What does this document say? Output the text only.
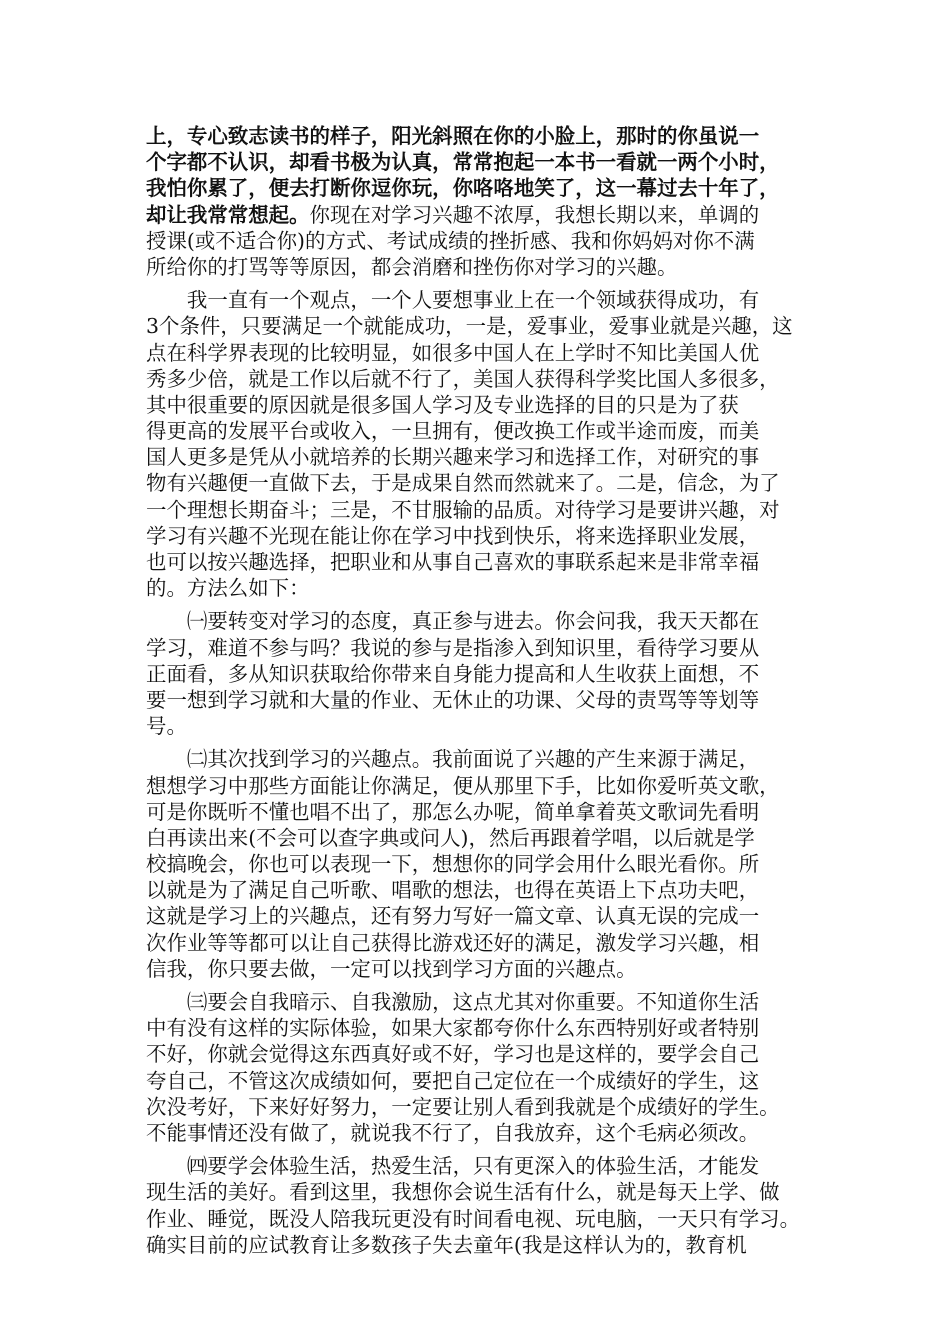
上，专心致志读书的样子，阳光斜照在你的小脸上，那时的你虽说一
个字都不认识，却看书极为认真，常常抱起一本书一看就一两个小时，
我怕你累了，便去打断你逗你玩，你咯咯地笑了，这一幕过去十年了，
却让我常常想起。你现在对学习兴趣不浓厚，我想长期以来，单调的
授课(或不适合你)的方式、考试成绩的挫折感、我和你妈妈对你不满
所给你的打骂等等原因，都会消磨和挫伤你对学习的兴趣。
　　我一直有一个观点，一个人要想事业上在一个领域获得成功，有
3个条件，只要满足一个就能成功，一是，爱事业，爱事业就是兴趣，这
点在科学界表现的比较明显，如很多中国人在上学时不知比美国人优
秀多少倍，就是工作以后就不行了，美国人获得科学奖比国人多很多，
其中很重要的原因就是很多国人学习及专业选择的目的只是为了获
得更高的发展平台或收入，一旦拥有，便改换工作或半途而废，而美
国人更多是凭从小就培养的长期兴趣来学习和选择工作，对研究的事
物有兴趣便一直做下去，于是成果自然而然就来了。二是，信念，为了
一个理想长期奋斗；三是，不甘服输的品质。对待学习是要讲兴趣，对
学习有兴趣不光现在能让你在学习中找到快乐，将来选择职业发展，
也可以按兴趣选择，把职业和从事自己喜欢的事联系起来是非常幸福
的。方法么如下：
　　㈠要转变对学习的态度，真正参与进去。你会问我，我天天都在
学习，难道不参与吗？我说的参与是指渗入到知识里，看待学习要从
正面看，多从知识获取给你带来自身能力提高和人生收获上面想，不
要一想到学习就和大量的作业、无休止的功课、父母的责骂等等划等
号。
　　㈡其次找到学习的兴趣点。我前面说了兴趣的产生来源于满足，
想想学习中那些方面能让你满足，便从那里下手，比如你爱听英文歌，
可是你既听不懂也唱不出了，那怎么办呢，简单拿着英文歌词先看明
白再读出来(不会可以查字典或问人)，然后再跟着学唱，以后就是学
校搞晚会，你也可以表现一下，想想你的同学会用什么眼光看你。所
以就是为了满足自己听歌、唱歌的想法，也得在英语上下点功夫吧，
这就是学习上的兴趣点，还有努力写好一篇文章、认真无误的完成一
次作业等等都可以让自己获得比游戏还好的满足，激发学习兴趣，相
信我，你只要去做，一定可以找到学习方面的兴趣点。
　　㈢要会自我暗示、自我激励，这点尤其对你重要。不知道你生活
中有没有这样的实际体验，如果大家都夸你什么东西特别好或者特别
不好，你就会觉得这东西真好或不好，学习也是这样的，要学会自己
夸自己，不管这次成绩如何，要把自己定位在一个成绩好的学生，这
次没考好，下来好好努力，一定要让别人看到我就是个成绩好的学生。
不能事情还没有做了，就说我不行了，自我放弃，这个毛病必须改。
　　㈣要学会体验生活，热爱生活，只有更深入的体验生活，才能发
现生活的美好。看到这里，我想你会说生活有什么，就是每天上学、做
作业、睡觉，既没人陪我玩更没有时间看电视、玩电脑，一天只有学习。
确实目前的应试教育让多数孩子失去童年(我是这样认为的，教育机
